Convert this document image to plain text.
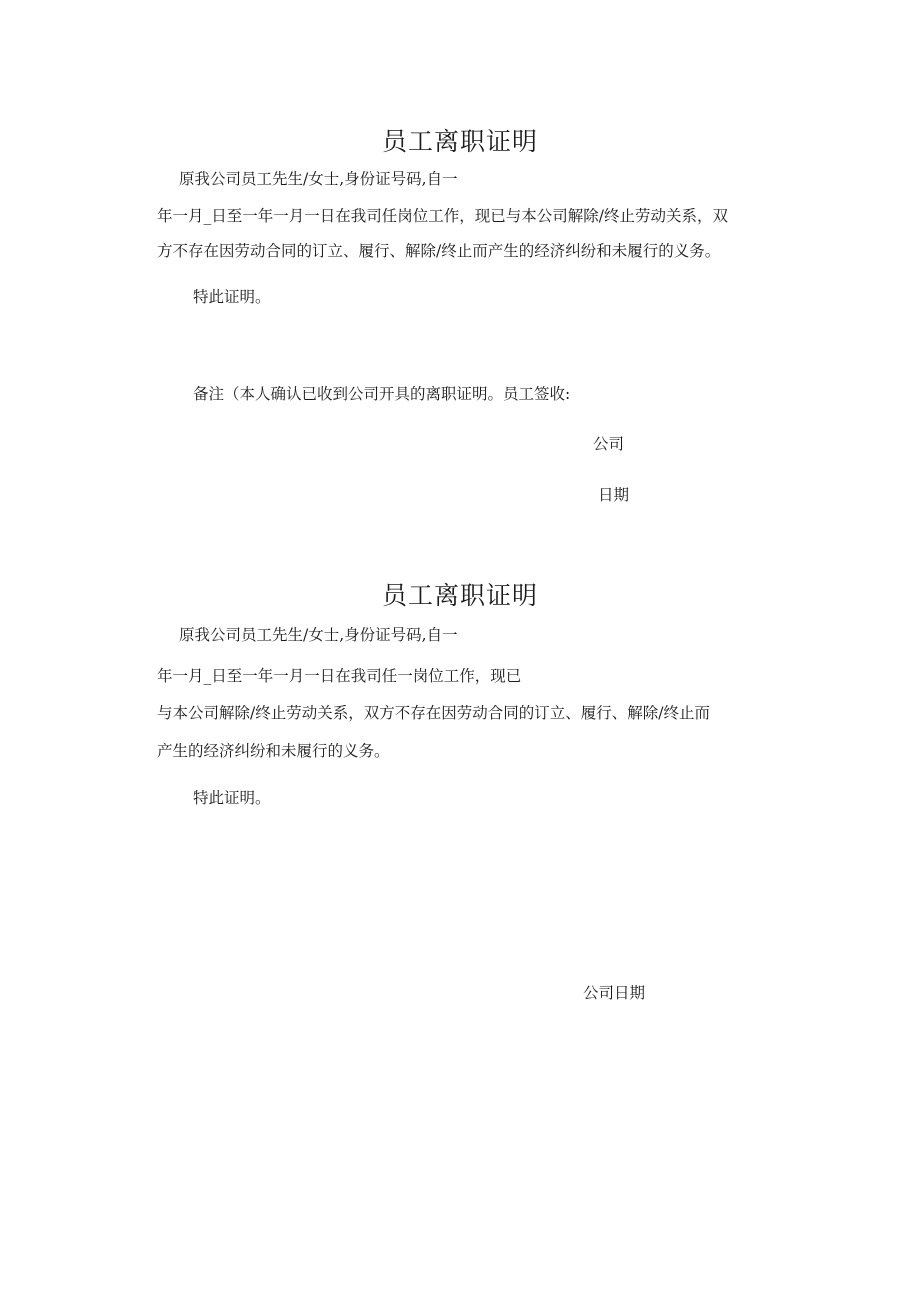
员工离职证明
原我公司员工先生/女士,身份证号码,自一
年一月_日至一年一月一日在我司任岗位工作，现已与本公司解除/终止劳动关系，双
方不存在因劳动合同的订立、履行、解除/终止而产生的经济纠纷和未履行的义务。
特此证明。
备注（本人确认已收到公司开具的离职证明。员工签收:
公司
日期
员工离职证明
原我公司员工先生/女士,身份证号码,自一
年一月_日至一年一月一日在我司任一岗位工作，现已
与本公司解除/终止劳动关系，双方不存在因劳动合同的订立、履行、解除/终止而
产生的经济纠纷和未履行的义务。
特此证明。
公司日期
